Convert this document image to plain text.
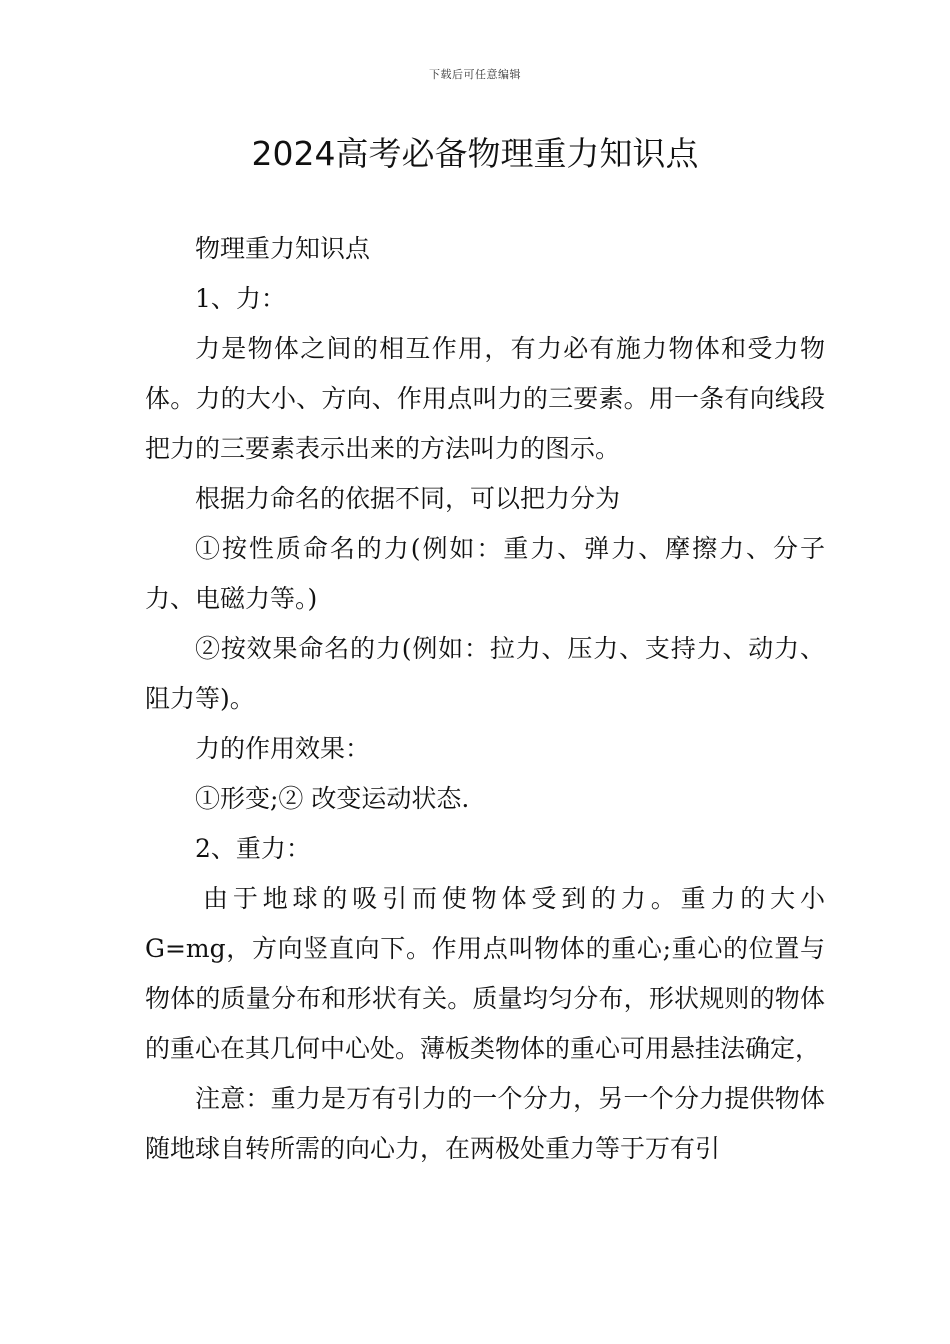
下载后可任意编辑
2024高考必备物理重力知识点

物理重力知识点

1、力：

力是物体之间的相互作用，有力必有施力物体和受力物体。力的大小、方向、作用点叫力的三要素。用一条有向线段把力的三要素表示出来的方法叫力的图示。

根据力命名的依据不同，可以把力分为

①按性质命名的力(例如：重力、弹力、摩擦力、分子力、电磁力等。)

②按效果命名的力(例如：拉力、压力、支持力、动力、阻力等)。

力的作用效果：

①形变;② 改变运动状态.

2、重力：

由于地球的吸引而使物体受到的力。重力的大小G=mg，方向竖直向下。作用点叫物体的重心;重心的位置与物体的质量分布和形状有关。质量均匀分布，形状规则的物体的重心在其几何中心处。薄板类物体的重心可用悬挂法确定，

注意：重力是万有引力的一个分力，另一个分力提供物体随地球自转所需的向心力，在两极处重力等于万有引
